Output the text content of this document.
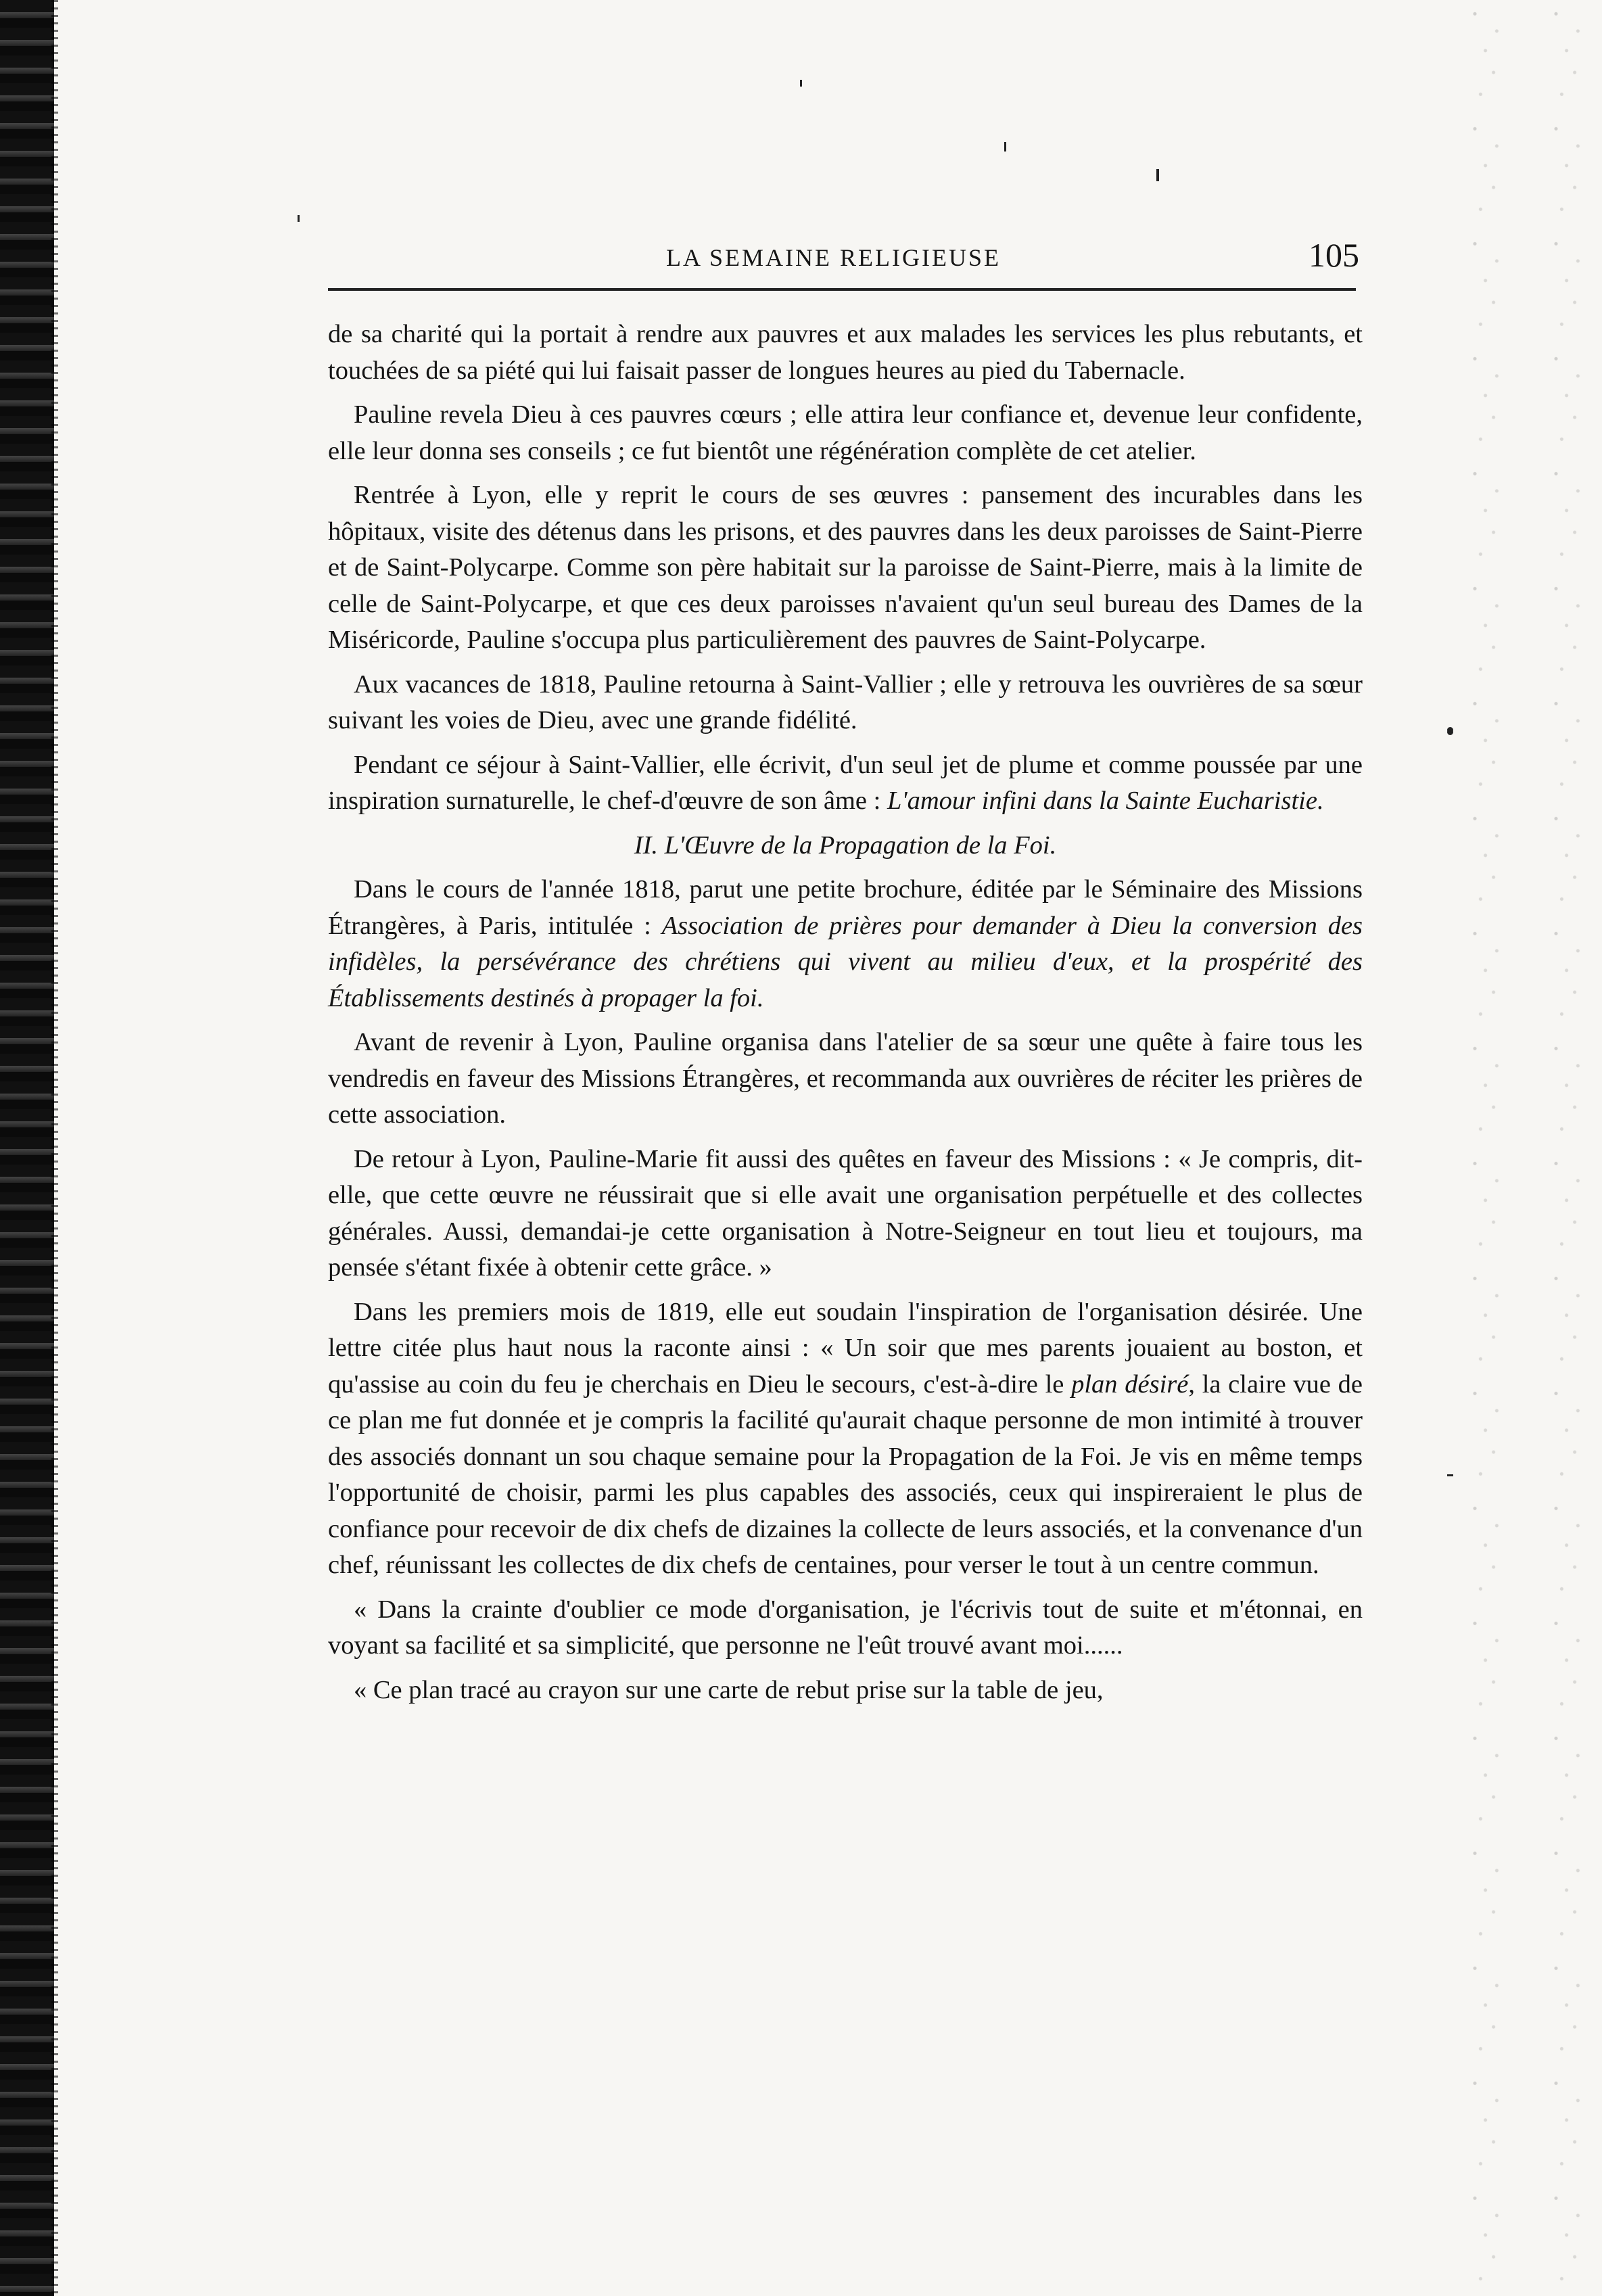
LA SEMAINE RELIGIEUSE	105

de sa charité qui la portait à rendre aux pauvres et aux malades les services les plus rebutants, et touchées de sa piété qui lui faisait passer de longues heures au pied du Tabernacle.

Pauline revela Dieu à ces pauvres cœurs ; elle attira leur confiance et, devenue leur confidente, elle leur donna ses conseils ; ce fut bientôt une régénération complète de cet atelier.

Rentrée à Lyon, elle y reprit le cours de ses œuvres : pansement des incurables dans les hôpitaux, visite des détenus dans les prisons, et des pauvres dans les deux paroisses de Saint-Pierre et de Saint-Polycarpe. Comme son père habitait sur la paroisse de Saint-Pierre, mais à la limite de celle de Saint-Polycarpe, et que ces deux paroisses n'avaient qu'un seul bureau des Dames de la Miséricorde, Pauline s'occupa plus particulièrement des pauvres de Saint-Polycarpe.

Aux vacances de 1818, Pauline retourna à Saint-Vallier ; elle y retrouva les ouvrières de sa sœur suivant les voies de Dieu, avec une grande fidélité.

Pendant ce séjour à Saint-Vallier, elle écrivit, d'un seul jet de plume et comme poussée par une inspiration surnaturelle, le chef-d'œuvre de son âme : L'amour infini dans la Sainte Eucharistie.

II. L'Œuvre de la Propagation de la Foi.

Dans le cours de l'année 1818, parut une petite brochure, éditée par le Séminaire des Missions Étrangères, à Paris, intitulée : Association de prières pour demander à Dieu la conversion des infidèles, la persévérance des chrétiens qui vivent au milieu d'eux, et la prospérité des Établissements destinés à propager la foi.

Avant de revenir à Lyon, Pauline organisa dans l'atelier de sa sœur une quête à faire tous les vendredis en faveur des Missions Étrangères, et recommanda aux ouvrières de réciter les prières de cette association.

De retour à Lyon, Pauline-Marie fit aussi des quêtes en faveur des Missions : « Je compris, dit-elle, que cette œuvre ne réussirait que si elle avait une organisation perpétuelle et des collectes générales. Aussi, demandai-je cette organisation à Notre-Seigneur en tout lieu et toujours, ma pensée s'étant fixée à obtenir cette grâce. »

Dans les premiers mois de 1819, elle eut soudain l'inspiration de l'organisation désirée. Une lettre citée plus haut nous la raconte ainsi : « Un soir que mes parents jouaient au boston, et qu'assise au coin du feu je cherchais en Dieu le secours, c'est-à-dire le plan désiré, la claire vue de ce plan me fut donnée et je compris la facilité qu'aurait chaque personne de mon intimité à trouver des associés donnant un sou chaque semaine pour la Propagation de la Foi. Je vis en même temps l'opportunité de choisir, parmi les plus capables des associés, ceux qui inspireraient le plus de confiance pour recevoir de dix chefs de dizaines la collecte de leurs associés, et la convenance d'un chef, réunissant les collectes de dix chefs de centaines, pour verser le tout à un centre commun.

« Dans la crainte d'oublier ce mode d'organisation, je l'écrivis tout de suite et m'étonnai, en voyant sa facilité et sa simplicité, que personne ne l'eût trouvé avant moi......

« Ce plan tracé au crayon sur une carte de rebut prise sur la table de jeu,
